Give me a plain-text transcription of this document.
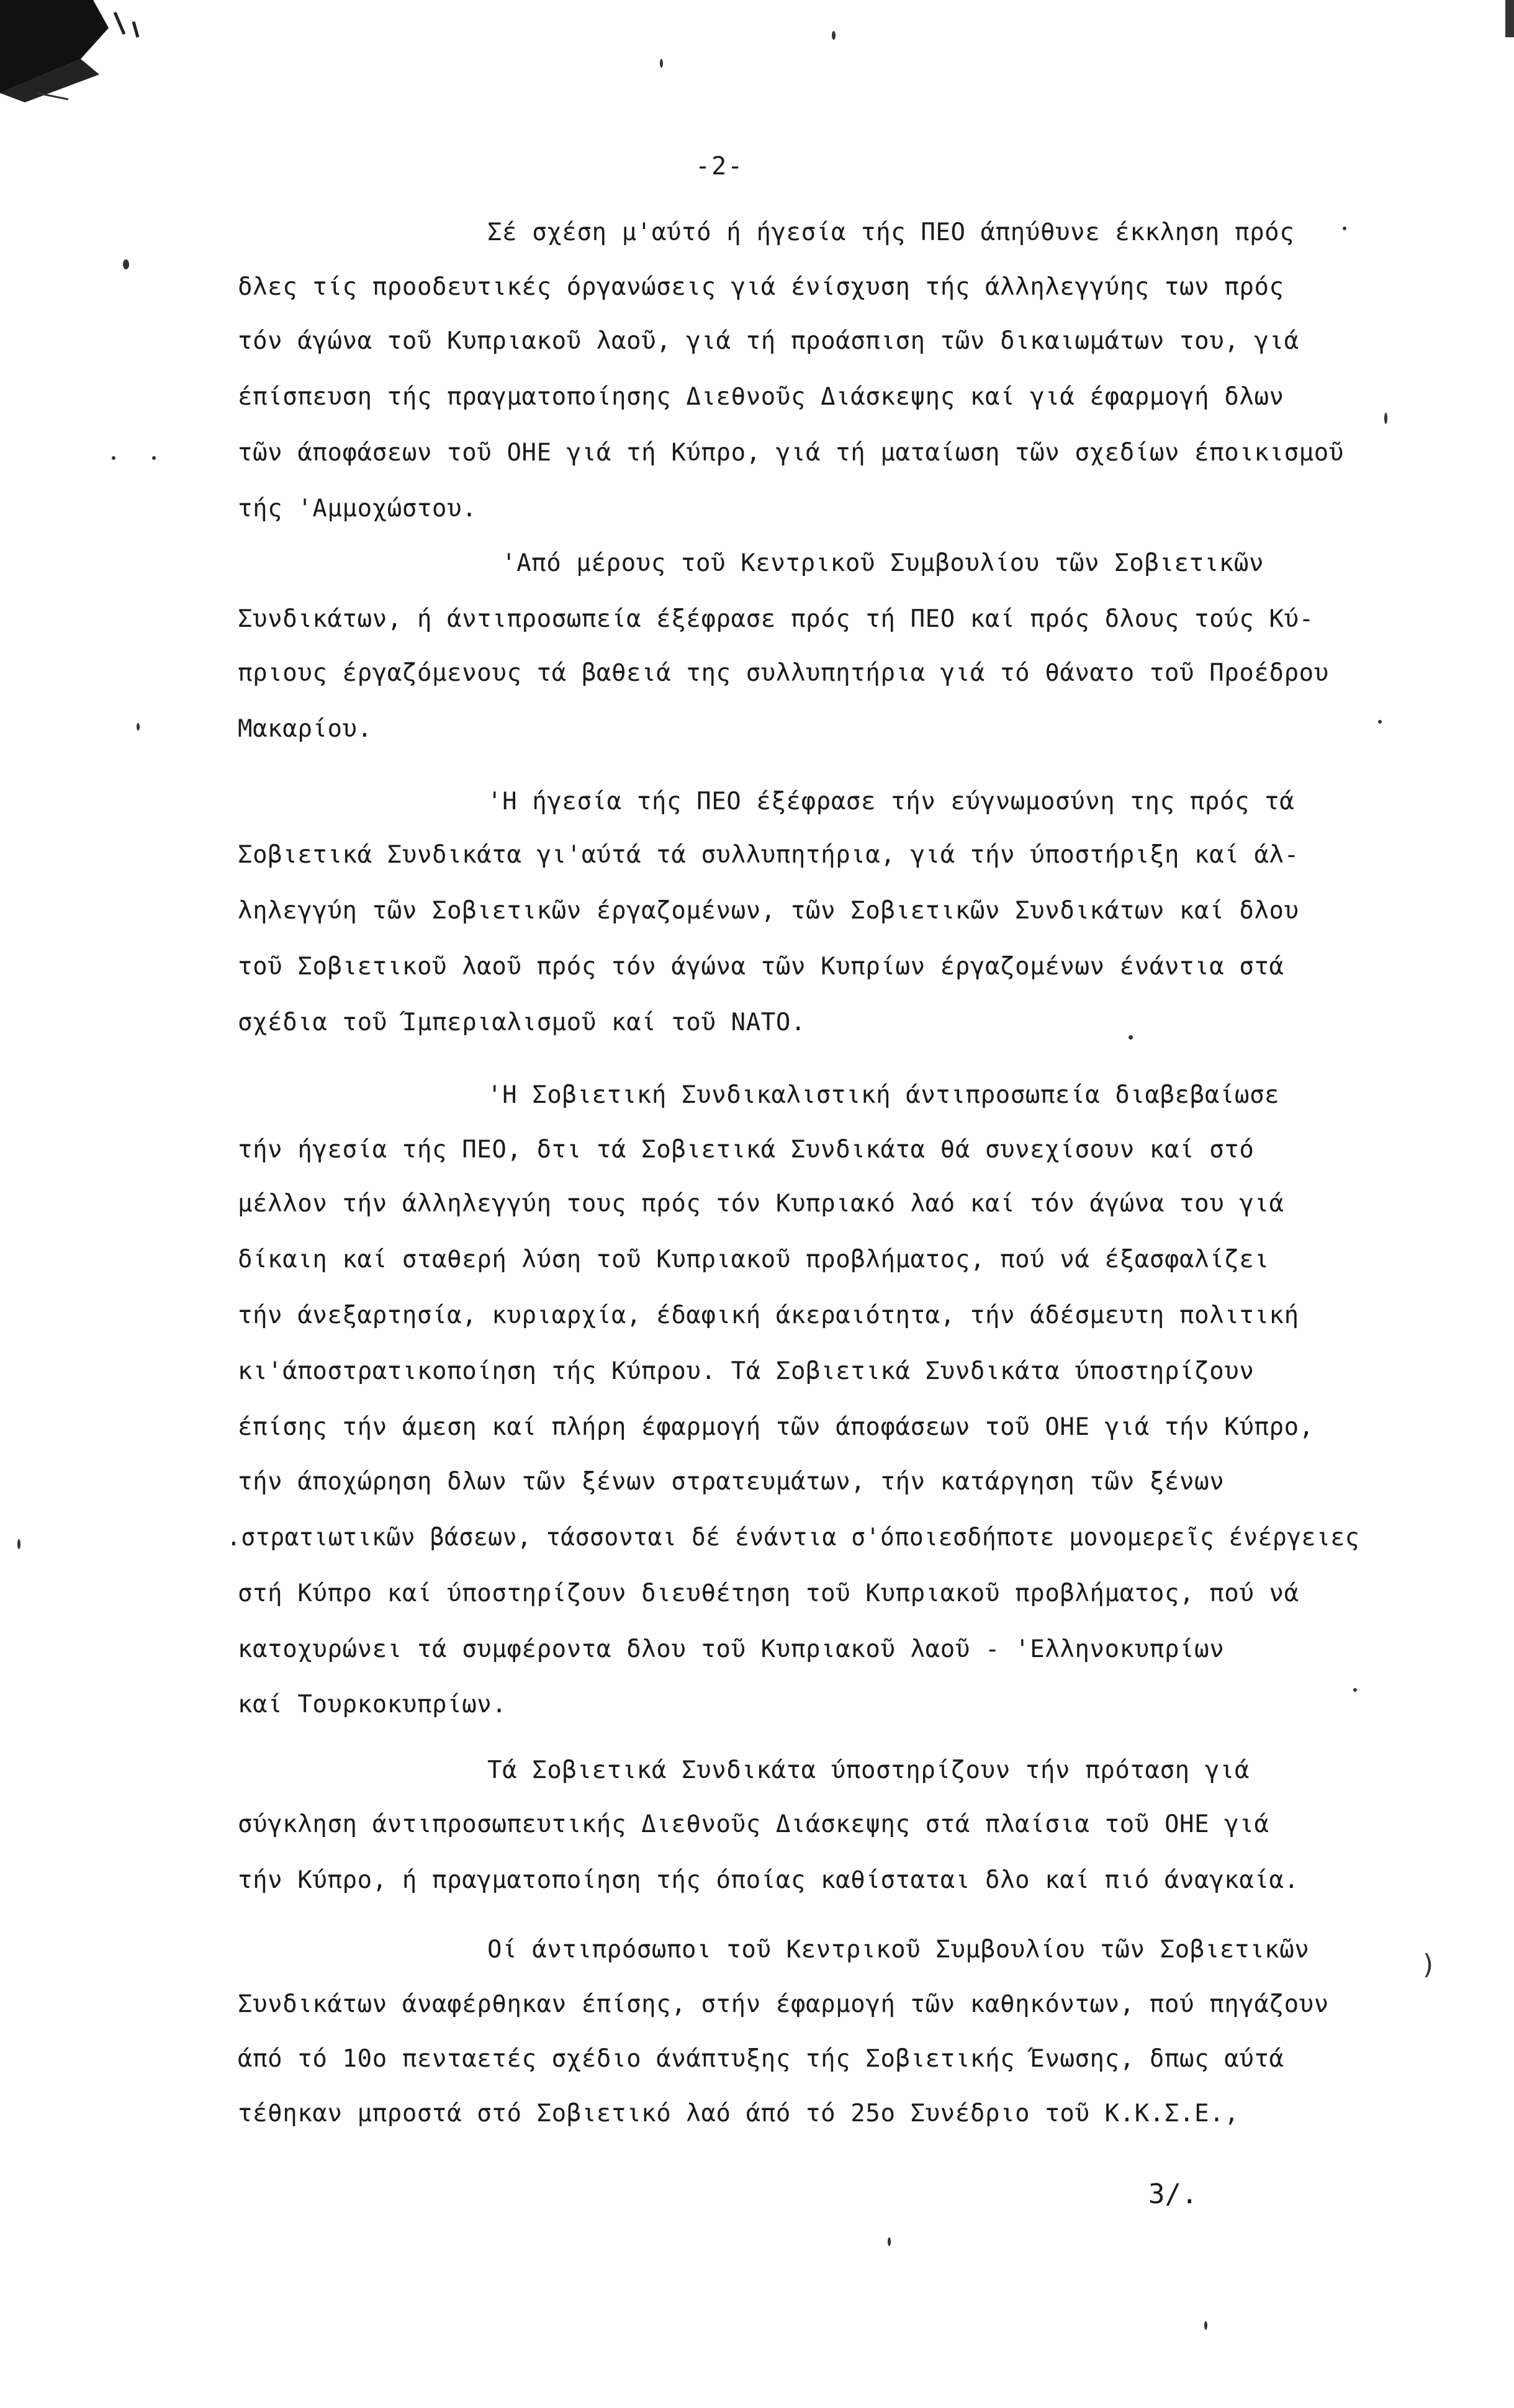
-2-
Σέ σχέση μ'αύτό ή ήγεσία τής ΠΕΟ άπηύθυνε έκκληση πρός
δλες τίς προοδευτικές όργανώσεις γιά ένίσχυση τής άλληλεγγύης των πρός
τόν άγώνα τοῦ Κυπριακοῦ λαοῦ, γιά τή προάσπιση τῶν δικαιωμάτων του, γιά
έπίσπευση τής πραγματοποίησης Διεθνοῦς Διάσκεψης καί γιά έφαρμογή δλων
τῶν άποφάσεων τοῦ ΟΗΕ γιά τή Κύπρο, γιά τή ματαίωση τῶν σχεδίων έποικισμοῦ
τής 'Αμμοχώστου.
'Από μέρους τοῦ Κεντρικοῦ Συμβουλίου τῶν Σοβιετικῶν
Συνδικάτων, ή άντιπροσωπεία έξέφρασε πρός τή ΠΕΟ καί πρός δλους τούς Κύ-
πριους έργαζόμενους τά βαθειά της συλλυπητήρια γιά τό θάνατο τοῦ Προέδρου
Μακαρίου.
'Η ήγεσία τής ΠΕΟ έξέφρασε τήν εύγνωμοσύνη της πρός τά
Σοβιετικά Συνδικάτα γι'αύτά τά συλλυπητήρια, γιά τήν ύποστήριξη καί άλ-
ληλεγγύη τῶν Σοβιετικῶν έργαζομένων, τῶν Σοβιετικῶν Συνδικάτων καί δλου
τοῦ Σοβιετικοῦ λαοῦ πρός τόν άγώνα τῶν Κυπρίων έργαζομένων ένάντια στά
σχέδια τοῦ Ίμπεριαλισμοῦ καί τοῦ ΝΑΤΟ.
'Η Σοβιετική Συνδικαλιστική άντιπροσωπεία διαβεβαίωσε
τήν ήγεσία τής ΠΕΟ, δτι τά Σοβιετικά Συνδικάτα θά συνεχίσουν καί στό
μέλλον τήν άλληλεγγύη τους πρός τόν Κυπριακό λαό καί τόν άγώνα του γιά
δίκαιη καί σταθερή λύση τοῦ Κυπριακοῦ προβλήματος, πού νά έξασφαλίζει
τήν άνεξαρτησία, κυριαρχία, έδαφική άκεραιότητα, τήν άδέσμευτη πολιτική
κι'άποστρατικοποίηση τής Κύπρου. Τά Σοβιετικά Συνδικάτα ύποστηρίζουν
έπίσης τήν άμεση καί πλήρη έφαρμογή τῶν άποφάσεων τοῦ ΟΗΕ γιά τήν Κύπρο,
τήν άποχώρηση δλων τῶν ξένων στρατευμάτων, τήν κατάργηση τῶν ξένων
.στρατιωτικῶν βάσεων, τάσσονται δέ ένάντια σ'όποιεσδήποτε μονομερεῖς ένέργειες
στή Κύπρο καί ύποστηρίζουν διευθέτηση τοῦ Κυπριακοῦ προβλήματος, πού νά
κατοχυρώνει τά συμφέροντα δλου τοῦ Κυπριακοῦ λαοῦ - 'Ελληνοκυπρίων
καί Τουρκοκυπρίων.
Τά Σοβιετικά Συνδικάτα ύποστηρίζουν τήν πρόταση γιά
σύγκληση άντιπροσωπευτικής Διεθνοῦς Διάσκεψης στά πλαίσια τοῦ ΟΗΕ γιά
τήν Κύπρο, ή πραγματοποίηση τής όποίας καθίσταται δλο καί πιό άναγκαία.
Οί άντιπρόσωποι τοῦ Κεντρικοῦ Συμβουλίου τῶν Σοβιετικῶν
Συνδικάτων άναφέρθηκαν έπίσης, στήν έφαρμογή τῶν καθηκόντων, πού πηγάζουν
άπό τό 10ο πενταετές σχέδιο άνάπτυξης τής Σοβιετικής Ένωσης, δπως αύτά
τέθηκαν μπροστά στό Σοβιετικό λαό άπό τό 25ο Συνέδριο τοῦ Κ.Κ.Σ.Ε.,
)
3/.
